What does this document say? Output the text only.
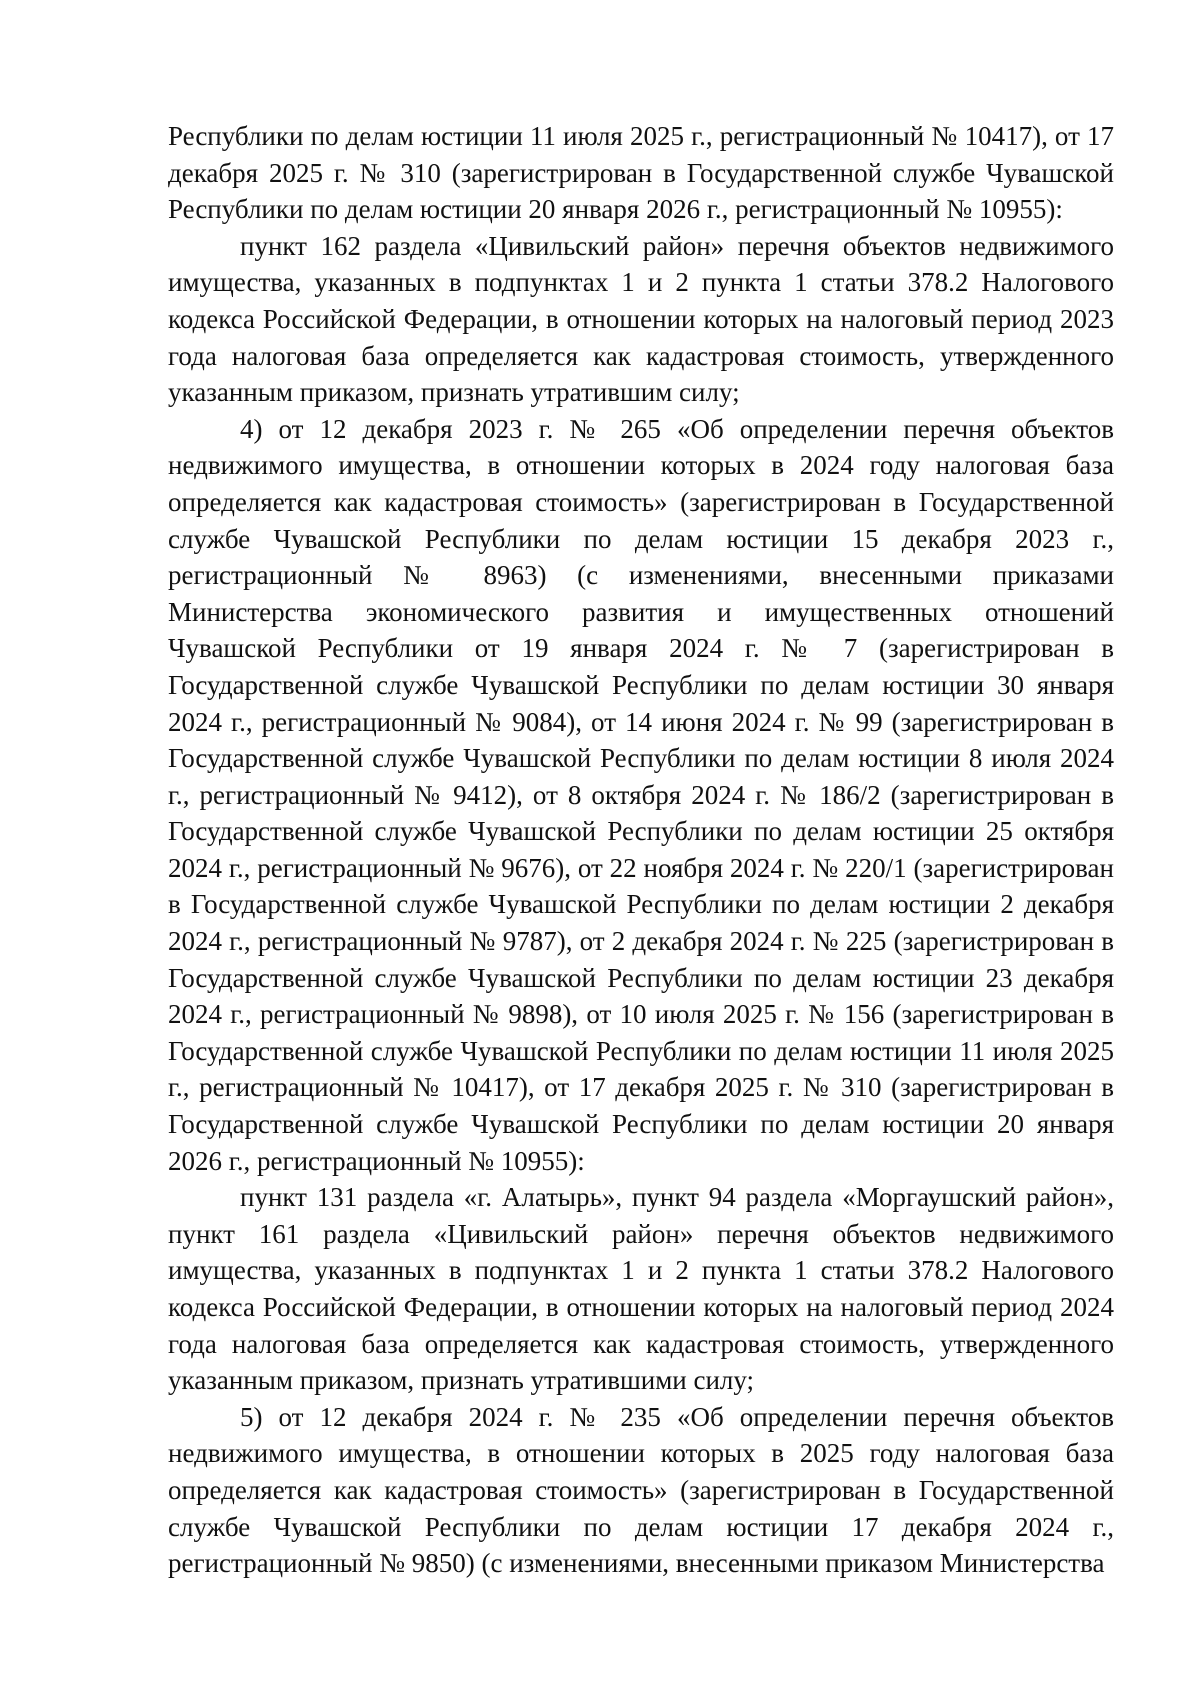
Республики по делам юстиции 11 июля 2025 г., регистрационный № 10417), от 17 декабря 2025 г. № 310 (зарегистрирован в Государственной службе Чувашской Республики по делам юстиции 20 января 2026 г., регистрационный № 10955):

пункт 162 раздела «Цивильский район» перечня объектов недвижимого имущества, указанных в подпунктах 1 и 2 пункта 1 статьи 378.2 Налогового кодекса Российской Федерации, в отношении которых на налоговый период 2023 года налоговая база определяется как кадастровая стоимость, утвержденного указанным приказом, признать утратившим силу;

4) от 12 декабря 2023 г. № 265 «Об определении перечня объектов недвижимого имущества, в отношении которых в 2024 году налоговая база определяется как кадастровая стоимость» (зарегистрирован в Государственной службе Чувашской Республики по делам юстиции 15 декабря 2023 г., регистрационный № 8963) (с изменениями, внесенными приказами Министерства экономического развития и имущественных отношений Чувашской Республики от 19 января 2024 г. № 7 (зарегистрирован в Государственной службе Чувашской Республики по делам юстиции 30 января 2024 г., регистрационный № 9084), от 14 июня 2024 г. № 99 (зарегистрирован в Государственной службе Чувашской Республики по делам юстиции 8 июля 2024 г., регистрационный № 9412), от 8 октября 2024 г. № 186/2 (зарегистрирован в Государственной службе Чувашской Республики по делам юстиции 25 октября 2024 г., регистрационный № 9676), от 22 ноября 2024 г. № 220/1 (зарегистрирован в Государственной службе Чувашской Республики по делам юстиции 2 декабря 2024 г., регистрационный № 9787), от 2 декабря 2024 г. № 225 (зарегистрирован в Государственной службе Чувашской Республики по делам юстиции 23 декабря 2024 г., регистрационный № 9898), от 10 июля 2025 г. № 156 (зарегистрирован в Государственной службе Чувашской Республики по делам юстиции 11 июля 2025 г., регистрационный № 10417), от 17 декабря 2025 г. № 310 (зарегистрирован в Государственной службе Чувашской Республики по делам юстиции 20 января 2026 г., регистрационный № 10955):

пункт 131 раздела «г. Алатырь», пункт 94 раздела «Моргаушский район», пункт 161 раздела «Цивильский район» перечня объектов недвижимого имущества, указанных в подпунктах 1 и 2 пункта 1 статьи 378.2 Налогового кодекса Российской Федерации, в отношении которых на налоговый период 2024 года налоговая база определяется как кадастровая стоимость, утвержденного указанным приказом, признать утратившими силу;

5) от 12 декабря 2024 г. № 235 «Об определении перечня объектов недвижимого имущества, в отношении которых в 2025 году налоговая база определяется как кадастровая стоимость» (зарегистрирован в Государственной службе Чувашской Республики по делам юстиции 17 декабря 2024 г., регистрационный № 9850) (с изменениями, внесенными приказом Министерства
